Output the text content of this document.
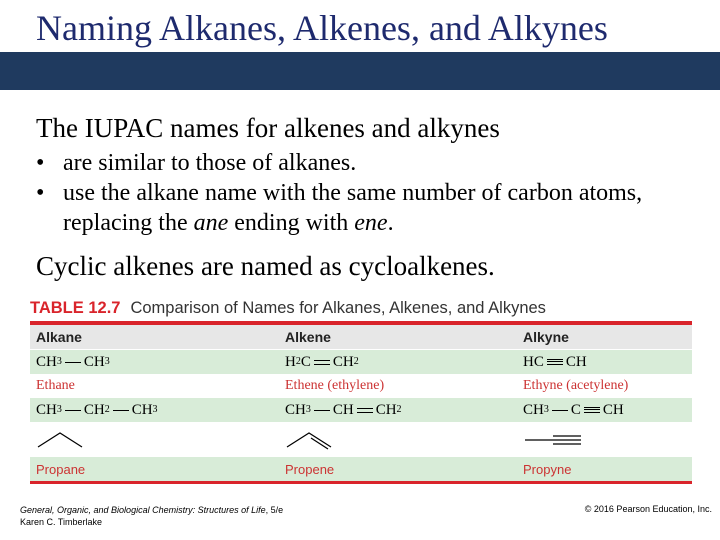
Naming Alkanes, Alkenes, and Alkynes
The IUPAC names for alkenes and alkynes
• are similar to those of alkanes.
• use the alkane name with the same number of carbon atoms, replacing the ane ending with ene.
Cyclic alkenes are named as cycloalkenes.
TABLE 12.7 Comparison of Names for Alkanes, Alkenes, and Alkynes
Alkane	Alkene	Alkyne
CH 3 CH 3	H 2 C CH 2	HC CH
Ethane	Ethene (ethylene)	Ethyne (acetylene)
CH 3 CH 2 CH 3	CH 3 CH CH 2	CH 3 C CH
Propane	Propene	Propyne
General, Organic, and Biological Chemistry: Structures of Life, 5/e
Karen C. Timberlake
© 2016 Pearson Education, Inc.
